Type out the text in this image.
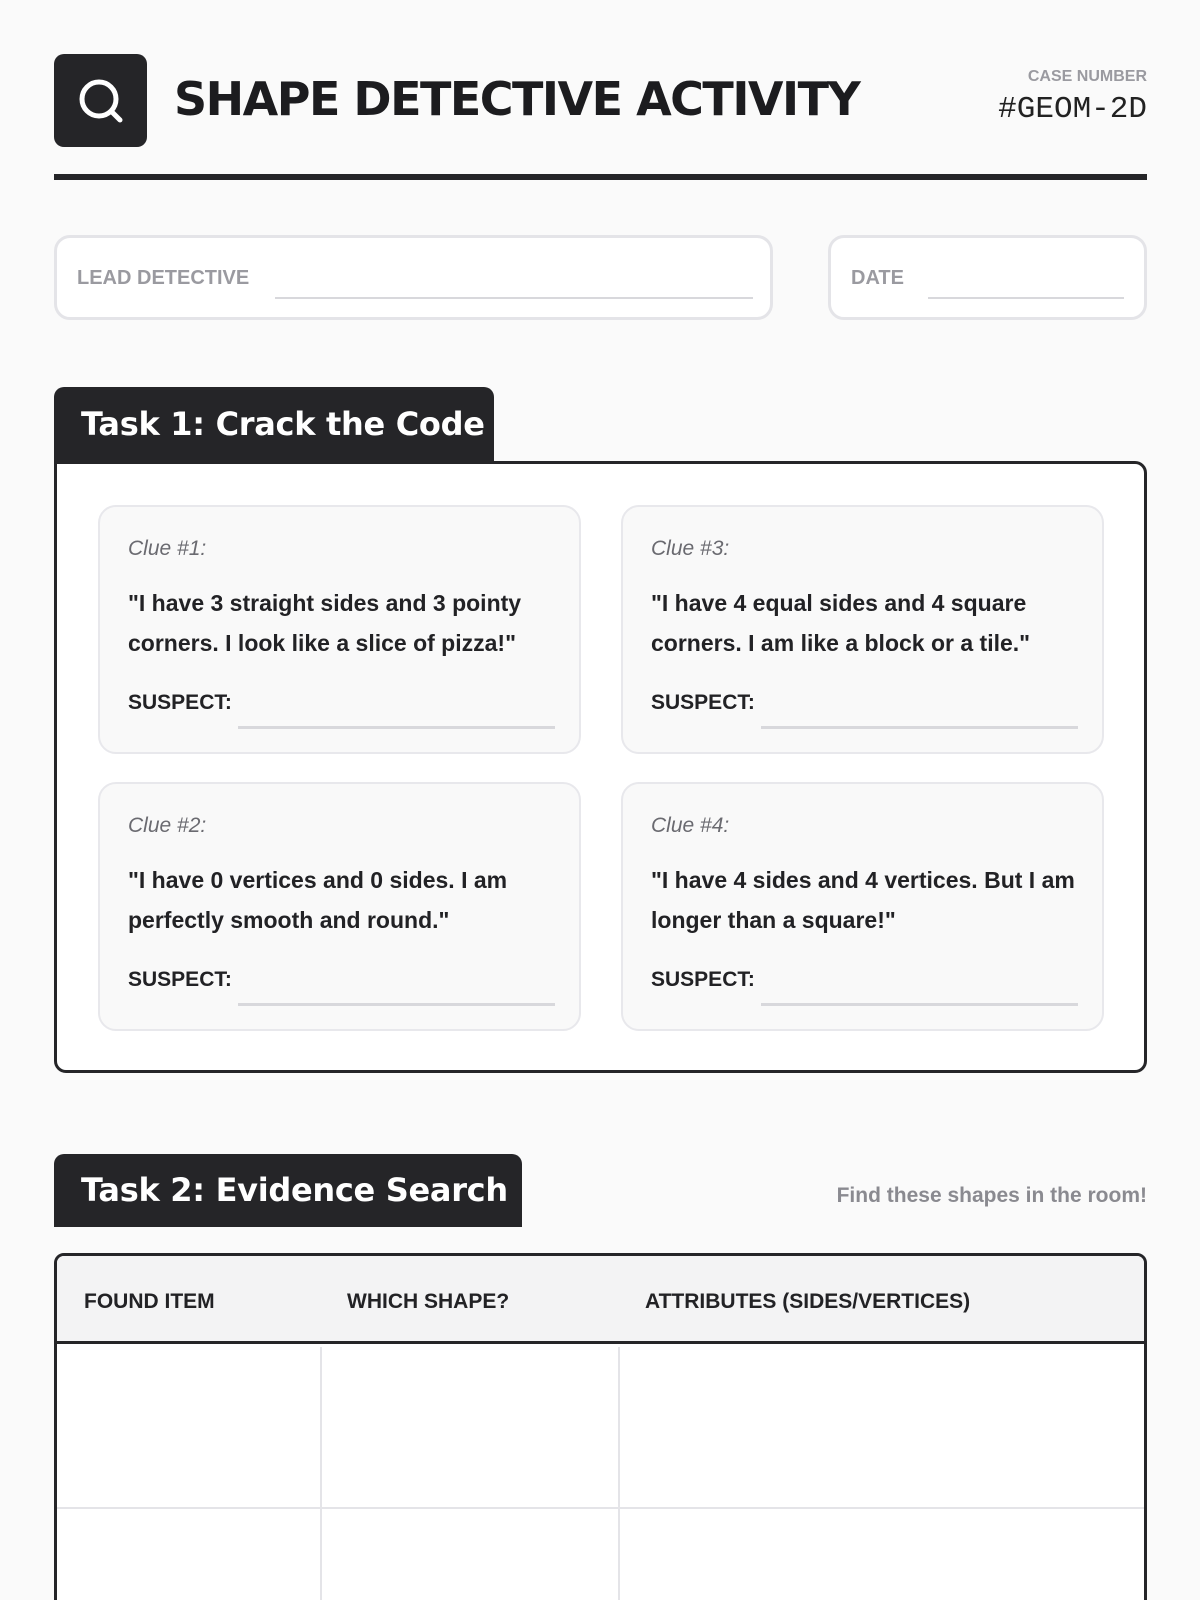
SHAPE DETECTIVE ACTIVITY	CASE NUMBER
#GEOM-2D
LEAD DETECTIVE	DATE
Task 1: Crack the Code
Clue #1:
"I have 3 straight sides and 3 pointy corners. I look like a slice of pizza!"
SUSPECT:
Clue #3:
"I have 4 equal sides and 4 square corners. I am like a block or a tile."
SUSPECT:
Clue #2:
"I have 0 vertices and 0 sides. I am perfectly smooth and round."
SUSPECT:
Clue #4:
"I have 4 sides and 4 vertices. But I am longer than a square!"
SUSPECT:
Task 2: Evidence Search	Find these shapes in the room!
FOUND ITEM	WHICH SHAPE?	ATTRIBUTES (SIDES/VERTICES)
